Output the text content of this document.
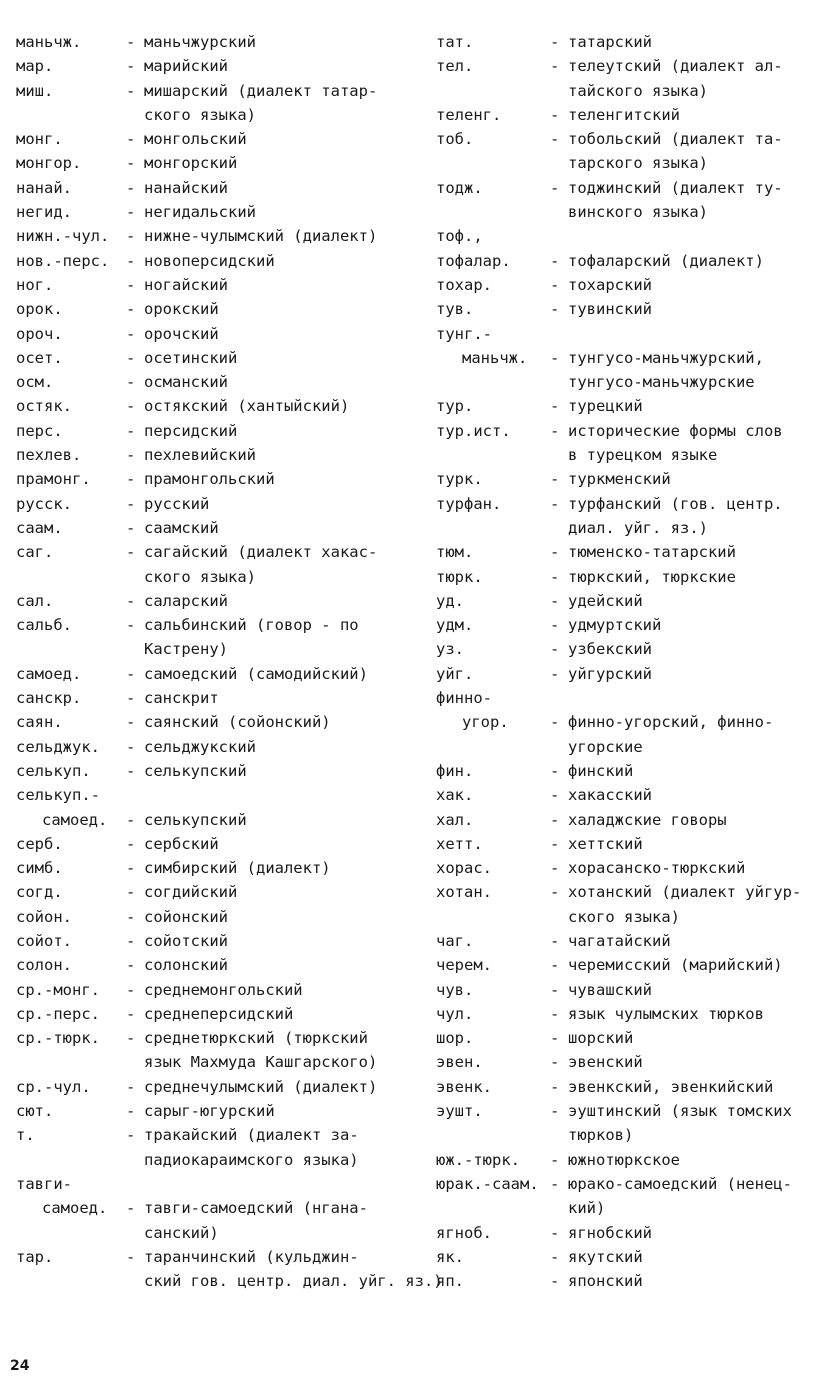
маньчж.	- маньчжурский
мар.	- марийский
миш.	- мишарский (диалект татар-
ского языка)
монг.	- монгольский
монгор.	- монгорский
нанай.	- нанайский
негид.	- негидальский
нижн.-чул.	- нижне-чулымский (диалект)
нов.-перс.	- новоперсидский
ног.	- ногайский
орок.	- орокский
ороч.	- орочский
осет.	- осетинский
осм.	- османский
остяк.	- остякский (хантыйский)
перс.	- персидский
пехлев.	- пехлевийский
прамонг.	- прамонгольский
русск.	- русский
саам.	- саамский
саг.	- сагайский (диалект хакас-
ского языка)
сал.	- саларский
сальб.	- сальбинский (говор - по
Кастрену)
самоед.	- самоедский (самодийский)
санскр.	- санскрит
саян.	- саянский (сойонский)
сельджук.	- сельджукский
селькуп.	- селькупский
селькуп.-
самоед.	- селькупский
серб.	- сербский
симб.	- симбирский (диалект)
согд.	- согдийский
сойон.	- сойонский
сойот.	- сойотский
солон.	- солонский
ср.-монг.	- среднемонгольский
ср.-перс.	- среднеперсидский
ср.-тюрк.	- среднетюркский (тюркский
язык Махмуда Кашгарского)
ср.-чул.	- среднечулымский (диалект)
сют.	- сарыг-югурский
т.	- тракайский (диалект за-
падиокараимского языка)
тавги-
самоед.	- тавги-самоедский (нгана-
санский)
тар.	- таранчинский (кульджин-
ский гов. центр. диал. уйг. яз.)
тат.	- татарский
тел.	- телеутский (диалект ал-
тайского языка)
теленг.	- теленгитский
тоб.	- тобольский (диалект та-
тарского языка)
тодж.	- тоджинский (диалект ту-
винского языка)
тоф.,
тофалар.	- тофаларский (диалект)
тохар.	- тохарский
тув.	- тувинский
тунг.-
маньчж.	- тунгусо-маньчжурский,
тунгусо-маньчжурские
тур.	- турецкий
тур.ист.	- исторические формы слов
в турецком языке
турк.	- туркменский
турфан.	- турфанский (гов. центр.
диал. уйг. яз.)
тюм.	- тюменско-татарский
тюрк.	- тюркский, тюркские
уд.	- удейский
удм.	- удмуртский
уз.	- узбекский
уйг.	- уйгурский
финно-
угор.	- финно-угорский, финно-
угорские
фин.	- финский
хак.	- хакасский
хал.	- халаджские говоры
хетт.	- хеттский
хорас.	- хорасанско-тюркский
хотан.	- хотанский (диалект уйгур-
ского языка)
чаг.	- чагатайский
черем.	- черемисский (марийский)
чув.	- чувашский
чул.	- язык чулымских тюрков
шор.	- шорский
эвен.	- эвенский
эвенк.	- эвенкский, эвенкийский
эушт.	- эуштинский (язык томских
тюрков)
юж.-тюрк.	- южнотюркское
юрак.-саам. - юрако-самоедский (ненец-
кий)
ягноб.	- ягнобский
як.	- якутский
яп.	- японский
24
